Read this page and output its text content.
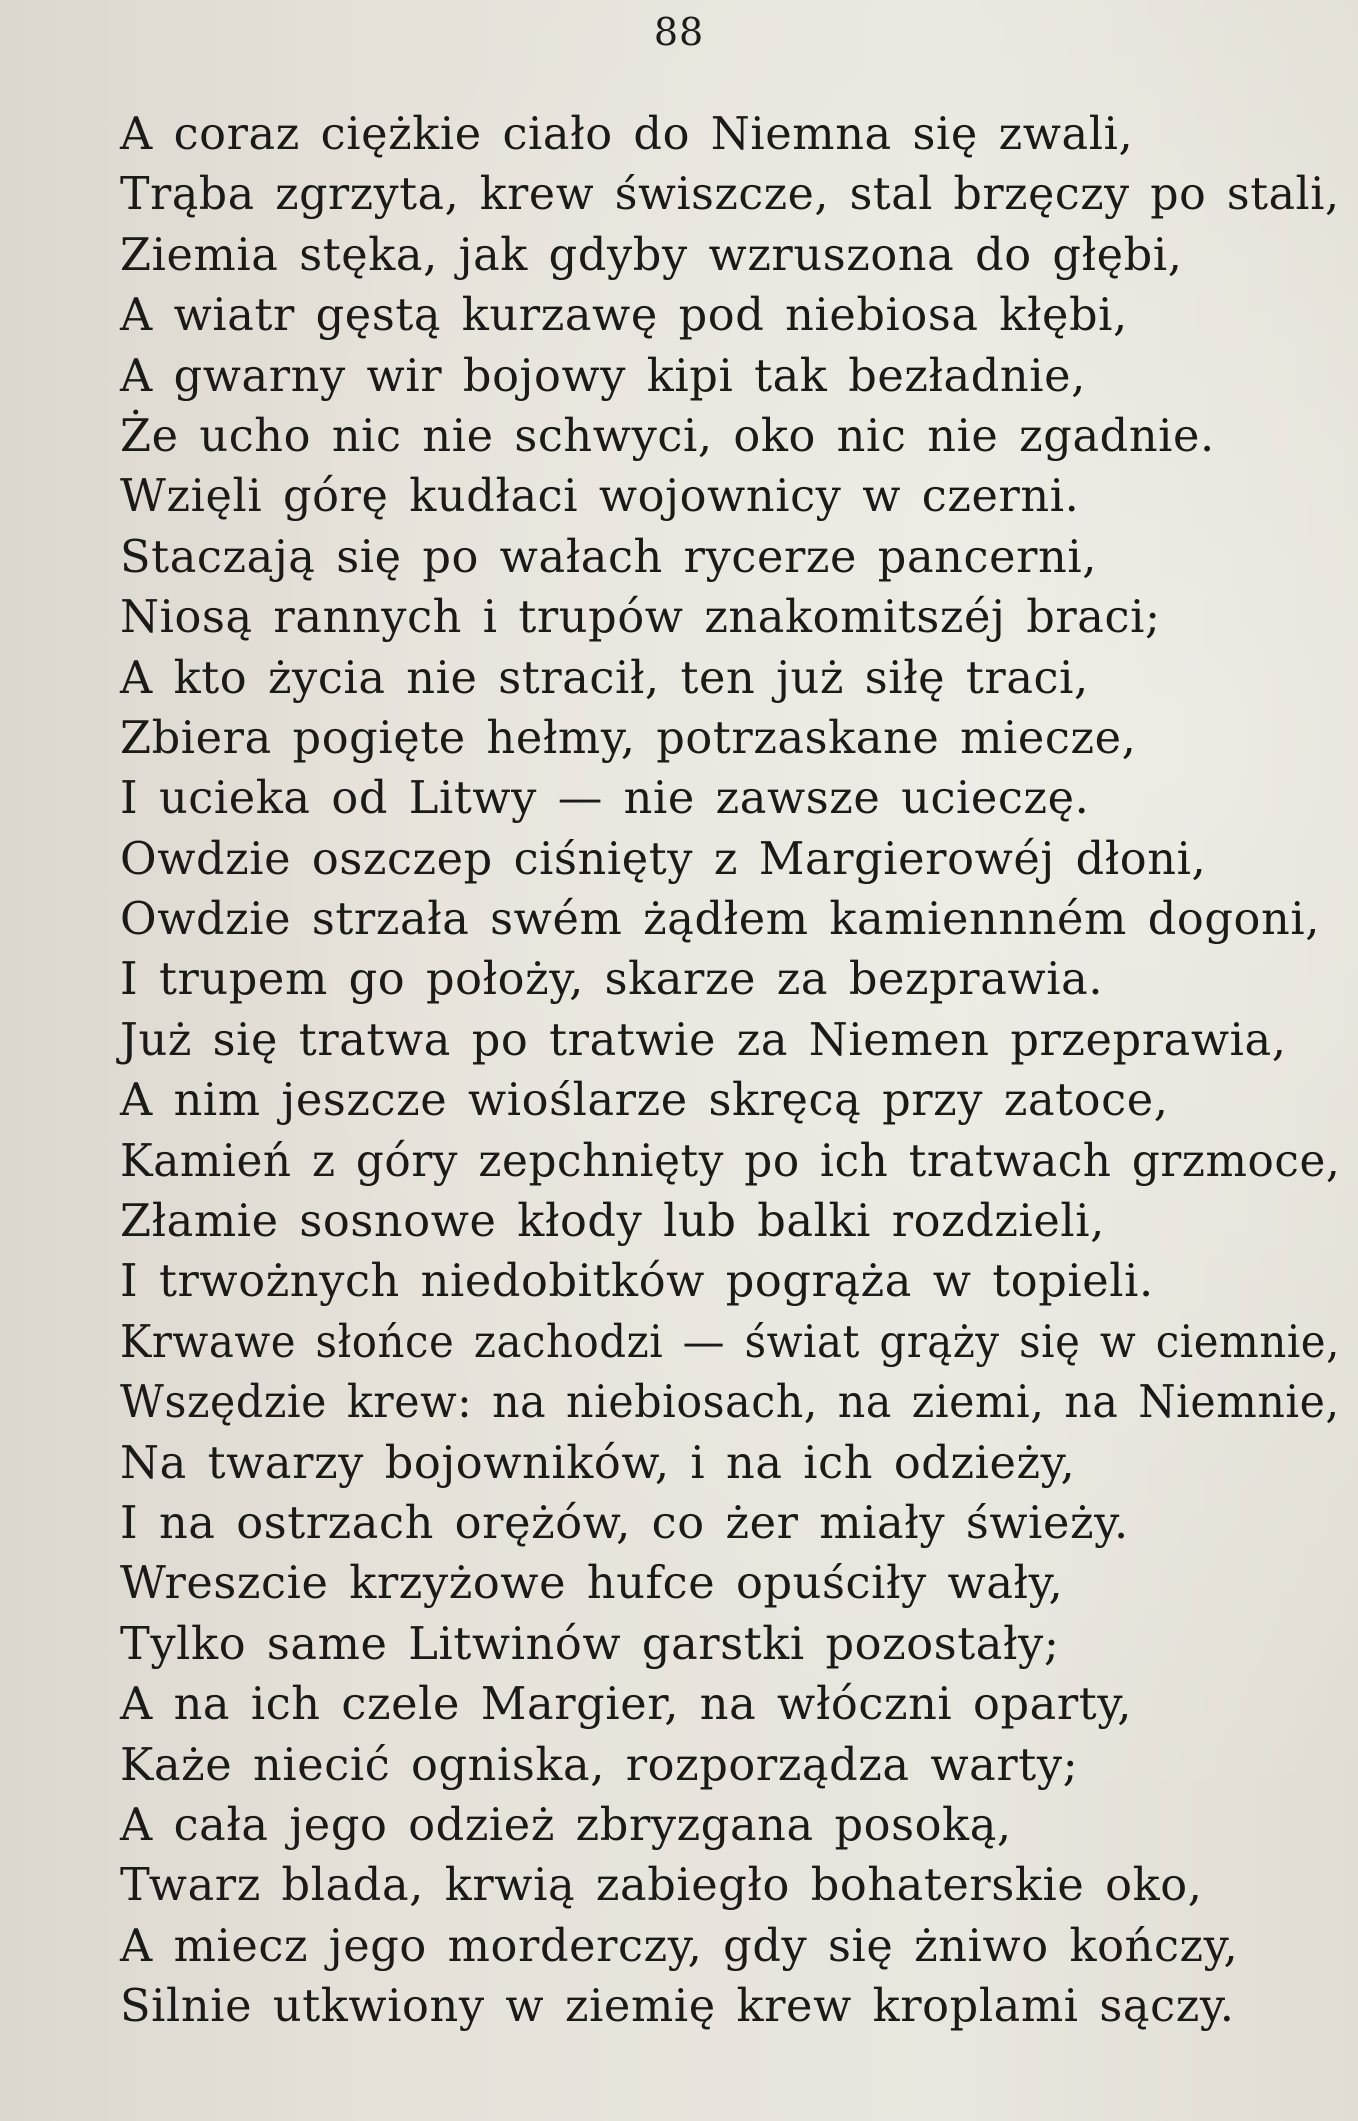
88
A coraz ciężkie ciało do Niemna się zwali,
Trąba zgrzyta, krew świszcze, stal brzęczy po stali,
Ziemia stęka, jak gdyby wzruszona do głębi,
A wiatr gęstą kurzawę pod niebiosa kłębi,
A gwarny wir bojowy kipi tak bezładnie,
Że ucho nic nie schwyci, oko nic nie zgadnie.
Wzięli górę kudłaci wojownicy w czerni.
Staczają się po wałach rycerze pancerni,
Niosą rannych i trupów znakomitszéj braci;
A kto życia nie stracił, ten już siłę traci,
Zbiera pogięte hełmy, potrzaskane miecze,
I ucieka od Litwy — nie zawsze ucieczę.
Owdzie oszczep ciśnięty z Margierowéj dłoni,
Owdzie strzała swém żądłem kamiennném dogoni,
I trupem go położy, skarze za bezprawia.
Już się tratwa po tratwie za Niemen przeprawia,
A nim jeszcze wioślarze skręcą przy zatoce,
Kamień z góry zepchnięty po ich tratwach grzmoce,
Złamie sosnowe kłody lub balki rozdzieli,
I trwożnych niedobitków pogrąża w topieli.
Krwawe słońce zachodzi — świat grąży się w ciemnie,
Wszędzie krew: na niebiosach, na ziemi, na Niemnie,
Na twarzy bojowników, i na ich odzieży,
I na ostrzach orężów, co żer miały świeży.
Wreszcie krzyżowe hufce opuściły wały,
Tylko same Litwinów garstki pozostały;
A na ich czele Margier, na włóczni oparty,
Każe niecić ogniska, rozporządza warty;
A cała jego odzież zbryzgana posoką,
Twarz blada, krwią zabiegło bohaterskie oko,
A miecz jego morderczy, gdy się żniwo kończy,
Silnie utkwiony w ziemię krew kroplami sączy.
